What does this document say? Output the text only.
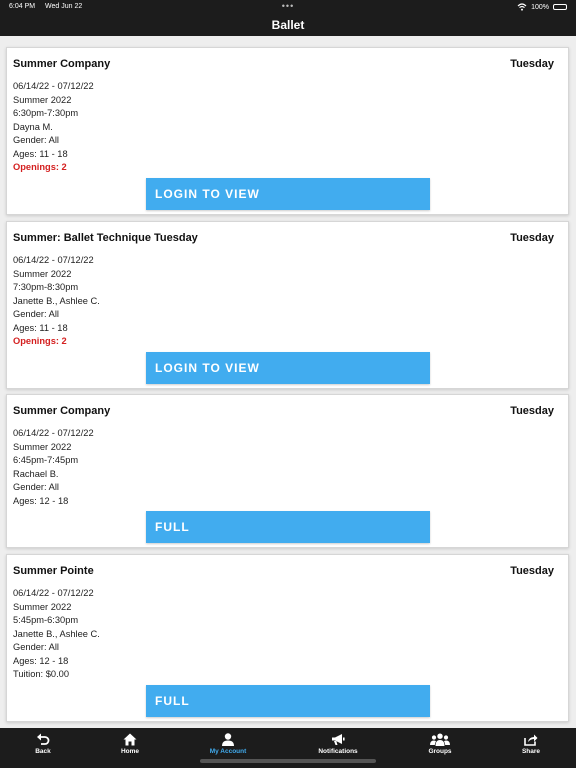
6:04 PM Wed Jun 22	•••	100%
Ballet
Summer Company	Tuesday
06/14/22 - 07/12/22
Summer 2022
6:30pm-7:30pm
Dayna M.
Gender: All
Ages: 11 - 18
Openings: 2
LOGIN TO VIEW
Summer: Ballet Technique Tuesday	Tuesday
06/14/22 - 07/12/22
Summer 2022
7:30pm-8:30pm
Janette B., Ashlee C.
Gender: All
Ages: 11 - 18
Openings: 2
LOGIN TO VIEW
Summer Company	Tuesday
06/14/22 - 07/12/22
Summer 2022
6:45pm-7:45pm
Rachael B.
Gender: All
Ages: 12 - 18
FULL
Summer Pointe	Tuesday
06/14/22 - 07/12/22
Summer 2022
5:45pm-6:30pm
Janette B., Ashlee C.
Gender: All
Ages: 12 - 18
Tuition: $0.00
FULL
Back	Home	My Account	Notifications	Groups	Share
